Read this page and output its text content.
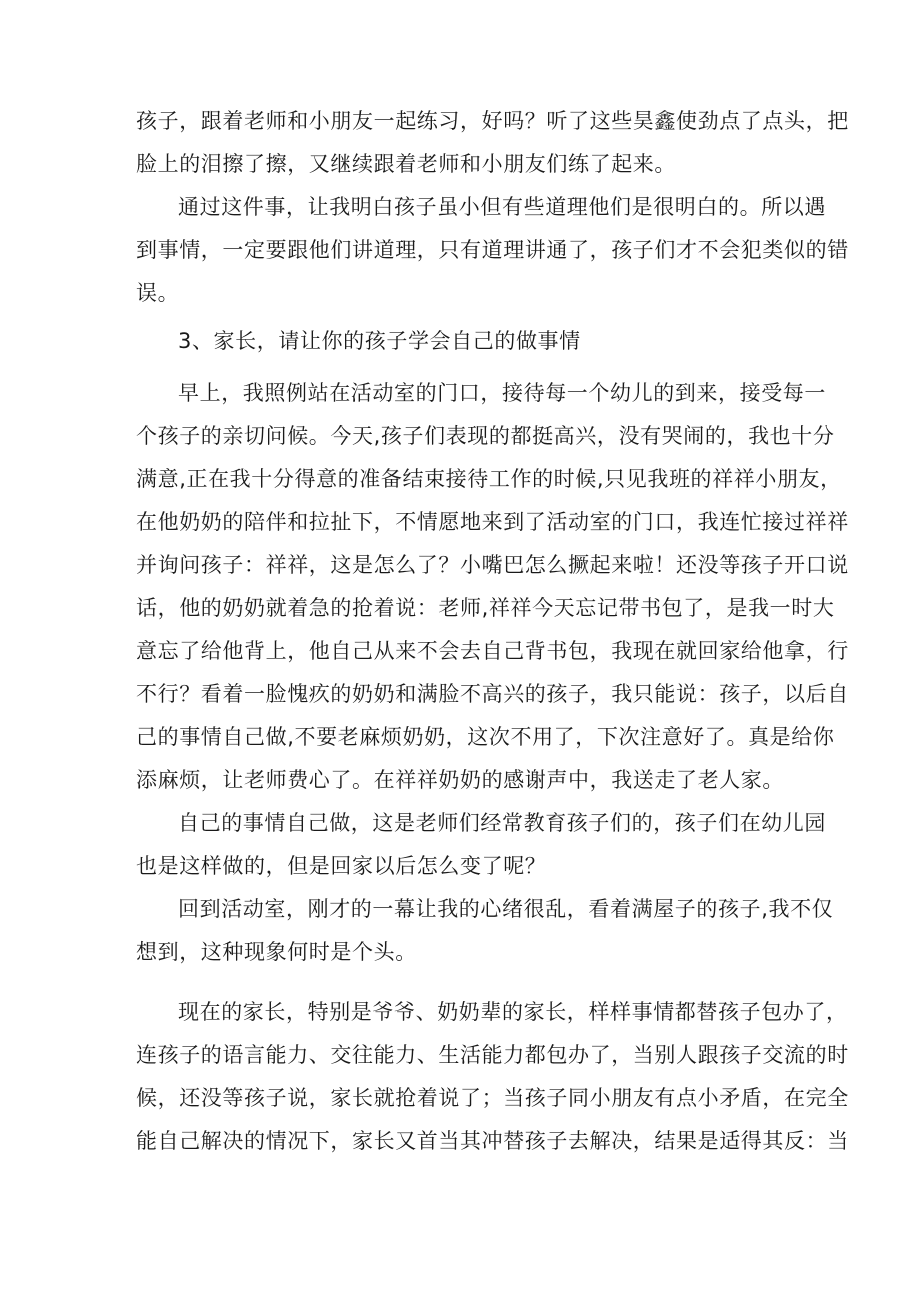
孩子，跟着老师和小朋友一起练习，好吗？听了这些昊鑫使劲点了点头，把
脸上的泪擦了擦，又继续跟着老师和小朋友们练了起来。
通过这件事，让我明白孩子虽小但有些道理他们是很明白的。所以遇
到事情，一定要跟他们讲道理，只有道理讲通了，孩子们才不会犯类似的错
误。
3、家长，请让你的孩子学会自己的做事情
早上，我照例站在活动室的门口，接待每一个幼儿的到来，接受每一
个孩子的亲切问候。今天,孩子们表现的都挺高兴，没有哭闹的，我也十分
满意,正在我十分得意的准备结束接待工作的时候,只见我班的祥祥小朋友，
在他奶奶的陪伴和拉扯下，不情愿地来到了活动室的门口，我连忙接过祥祥
并询问孩子：祥祥，这是怎么了？小嘴巴怎么撅起来啦！还没等孩子开口说
话，他的奶奶就着急的抢着说：老师,祥祥今天忘记带书包了，是我一时大
意忘了给他背上，他自己从来不会去自己背书包，我现在就回家给他拿，行
不行？看着一脸愧疚的奶奶和满脸不高兴的孩子，我只能说：孩子，以后自
己的事情自己做,不要老麻烦奶奶，这次不用了，下次注意好了。真是给你
添麻烦，让老师费心了。在祥祥奶奶的感谢声中，我送走了老人家。
自己的事情自己做，这是老师们经常教育孩子们的，孩子们在幼儿园
也是这样做的，但是回家以后怎么变了呢？
回到活动室，刚才的一幕让我的心绪很乱，看着满屋子的孩子,我不仅
想到，这种现象何时是个头。
现在的家长，特别是爷爷、奶奶辈的家长，样样事情都替孩子包办了，
连孩子的语言能力、交往能力、生活能力都包办了，当别人跟孩子交流的时
候，还没等孩子说，家长就抢着说了；当孩子同小朋友有点小矛盾，在完全
能自己解决的情况下，家长又首当其冲替孩子去解决，结果是适得其反：当
